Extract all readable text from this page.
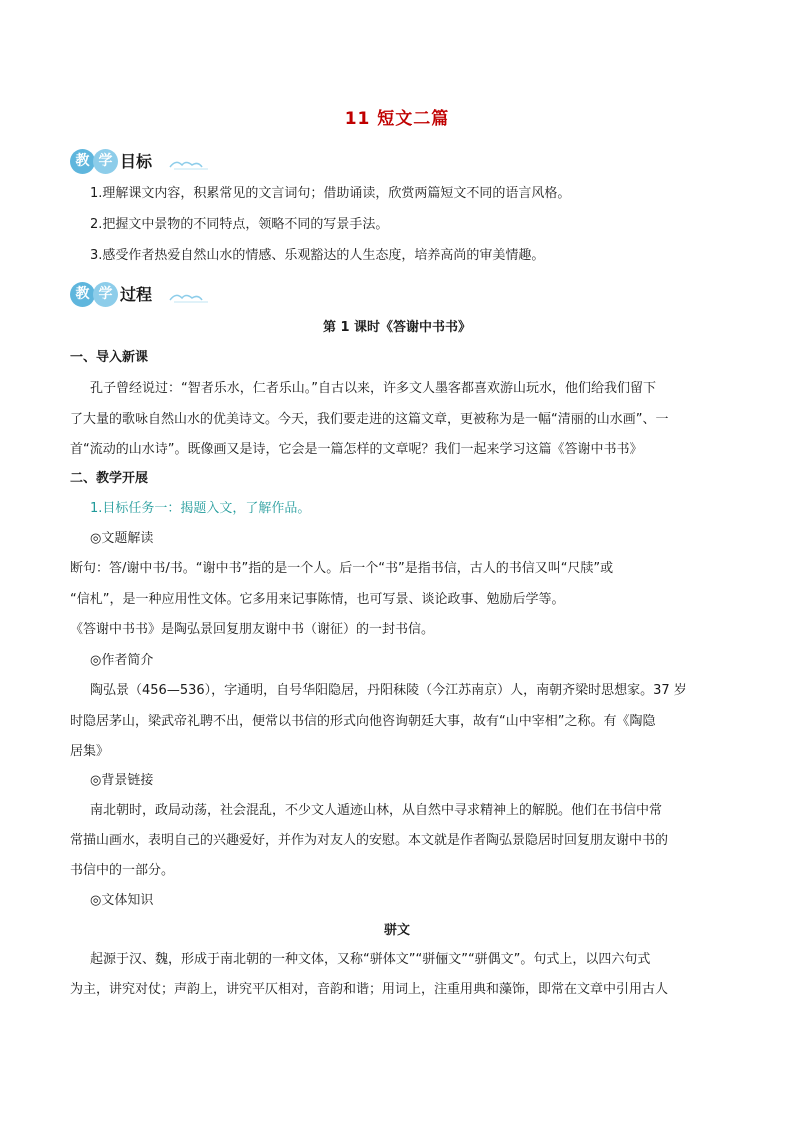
11 短文二篇
教 学 目标
1.理解课文内容，积累常见的文言词句；借助诵读，欣赏两篇短文不同的语言风格。
2.把握文中景物的不同特点，领略不同的写景手法。
3.感受作者热爱自然山水的情感、乐观豁达的人生态度，培养高尚的审美情趣。
教 学 过程
第 1 课时《答谢中书书》
一、导入新课
孔子曾经说过：“智者乐水，仁者乐山。”自古以来，许多文人墨客都喜欢游山玩水，他们给我们留下
了大量的歌咏自然山水的优美诗文。今天，我们要走进的这篇文章，更被称为是一幅“清丽的山水画”、一
首“流动的山水诗”。既像画又是诗，它会是一篇怎样的文章呢？我们一起来学习这篇《答谢中书书》
二、教学开展
1.目标任务一：揭题入文，了解作品。
◎文题解读
断句：答/谢中书/书。“谢中书”指的是一个人。后一个“书”是指书信，古人的书信又叫“尺牍”或
“信札”，是一种应用性文体。它多用来记事陈情，也可写景、谈论政事、勉励后学等。
《答谢中书书》是陶弘景回复朋友谢中书（谢征）的一封书信。
◎作者简介
陶弘景（456—536），字通明，自号华阳隐居，丹阳秣陵（今江苏南京）人，南朝齐梁时思想家。37 岁
时隐居茅山，梁武帝礼聘不出，便常以书信的形式向他咨询朝廷大事，故有“山中宰相”之称。有《陶隐
居集》
◎背景链接
南北朝时，政局动荡，社会混乱，不少文人遁迹山林，从自然中寻求精神上的解脱。他们在书信中常
常描山画水，表明自己的兴趣爱好，并作为对友人的安慰。本文就是作者陶弘景隐居时回复朋友谢中书的
书信中的一部分。
◎文体知识
骈文
起源于汉、魏，形成于南北朝的一种文体，又称“骈体文”“骈俪文”“骈偶文”。句式上，以四六句式
为主，讲究对仗；声韵上，讲究平仄相对，音韵和谐；用词上，注重用典和藻饰，即常在文章中引用古人
